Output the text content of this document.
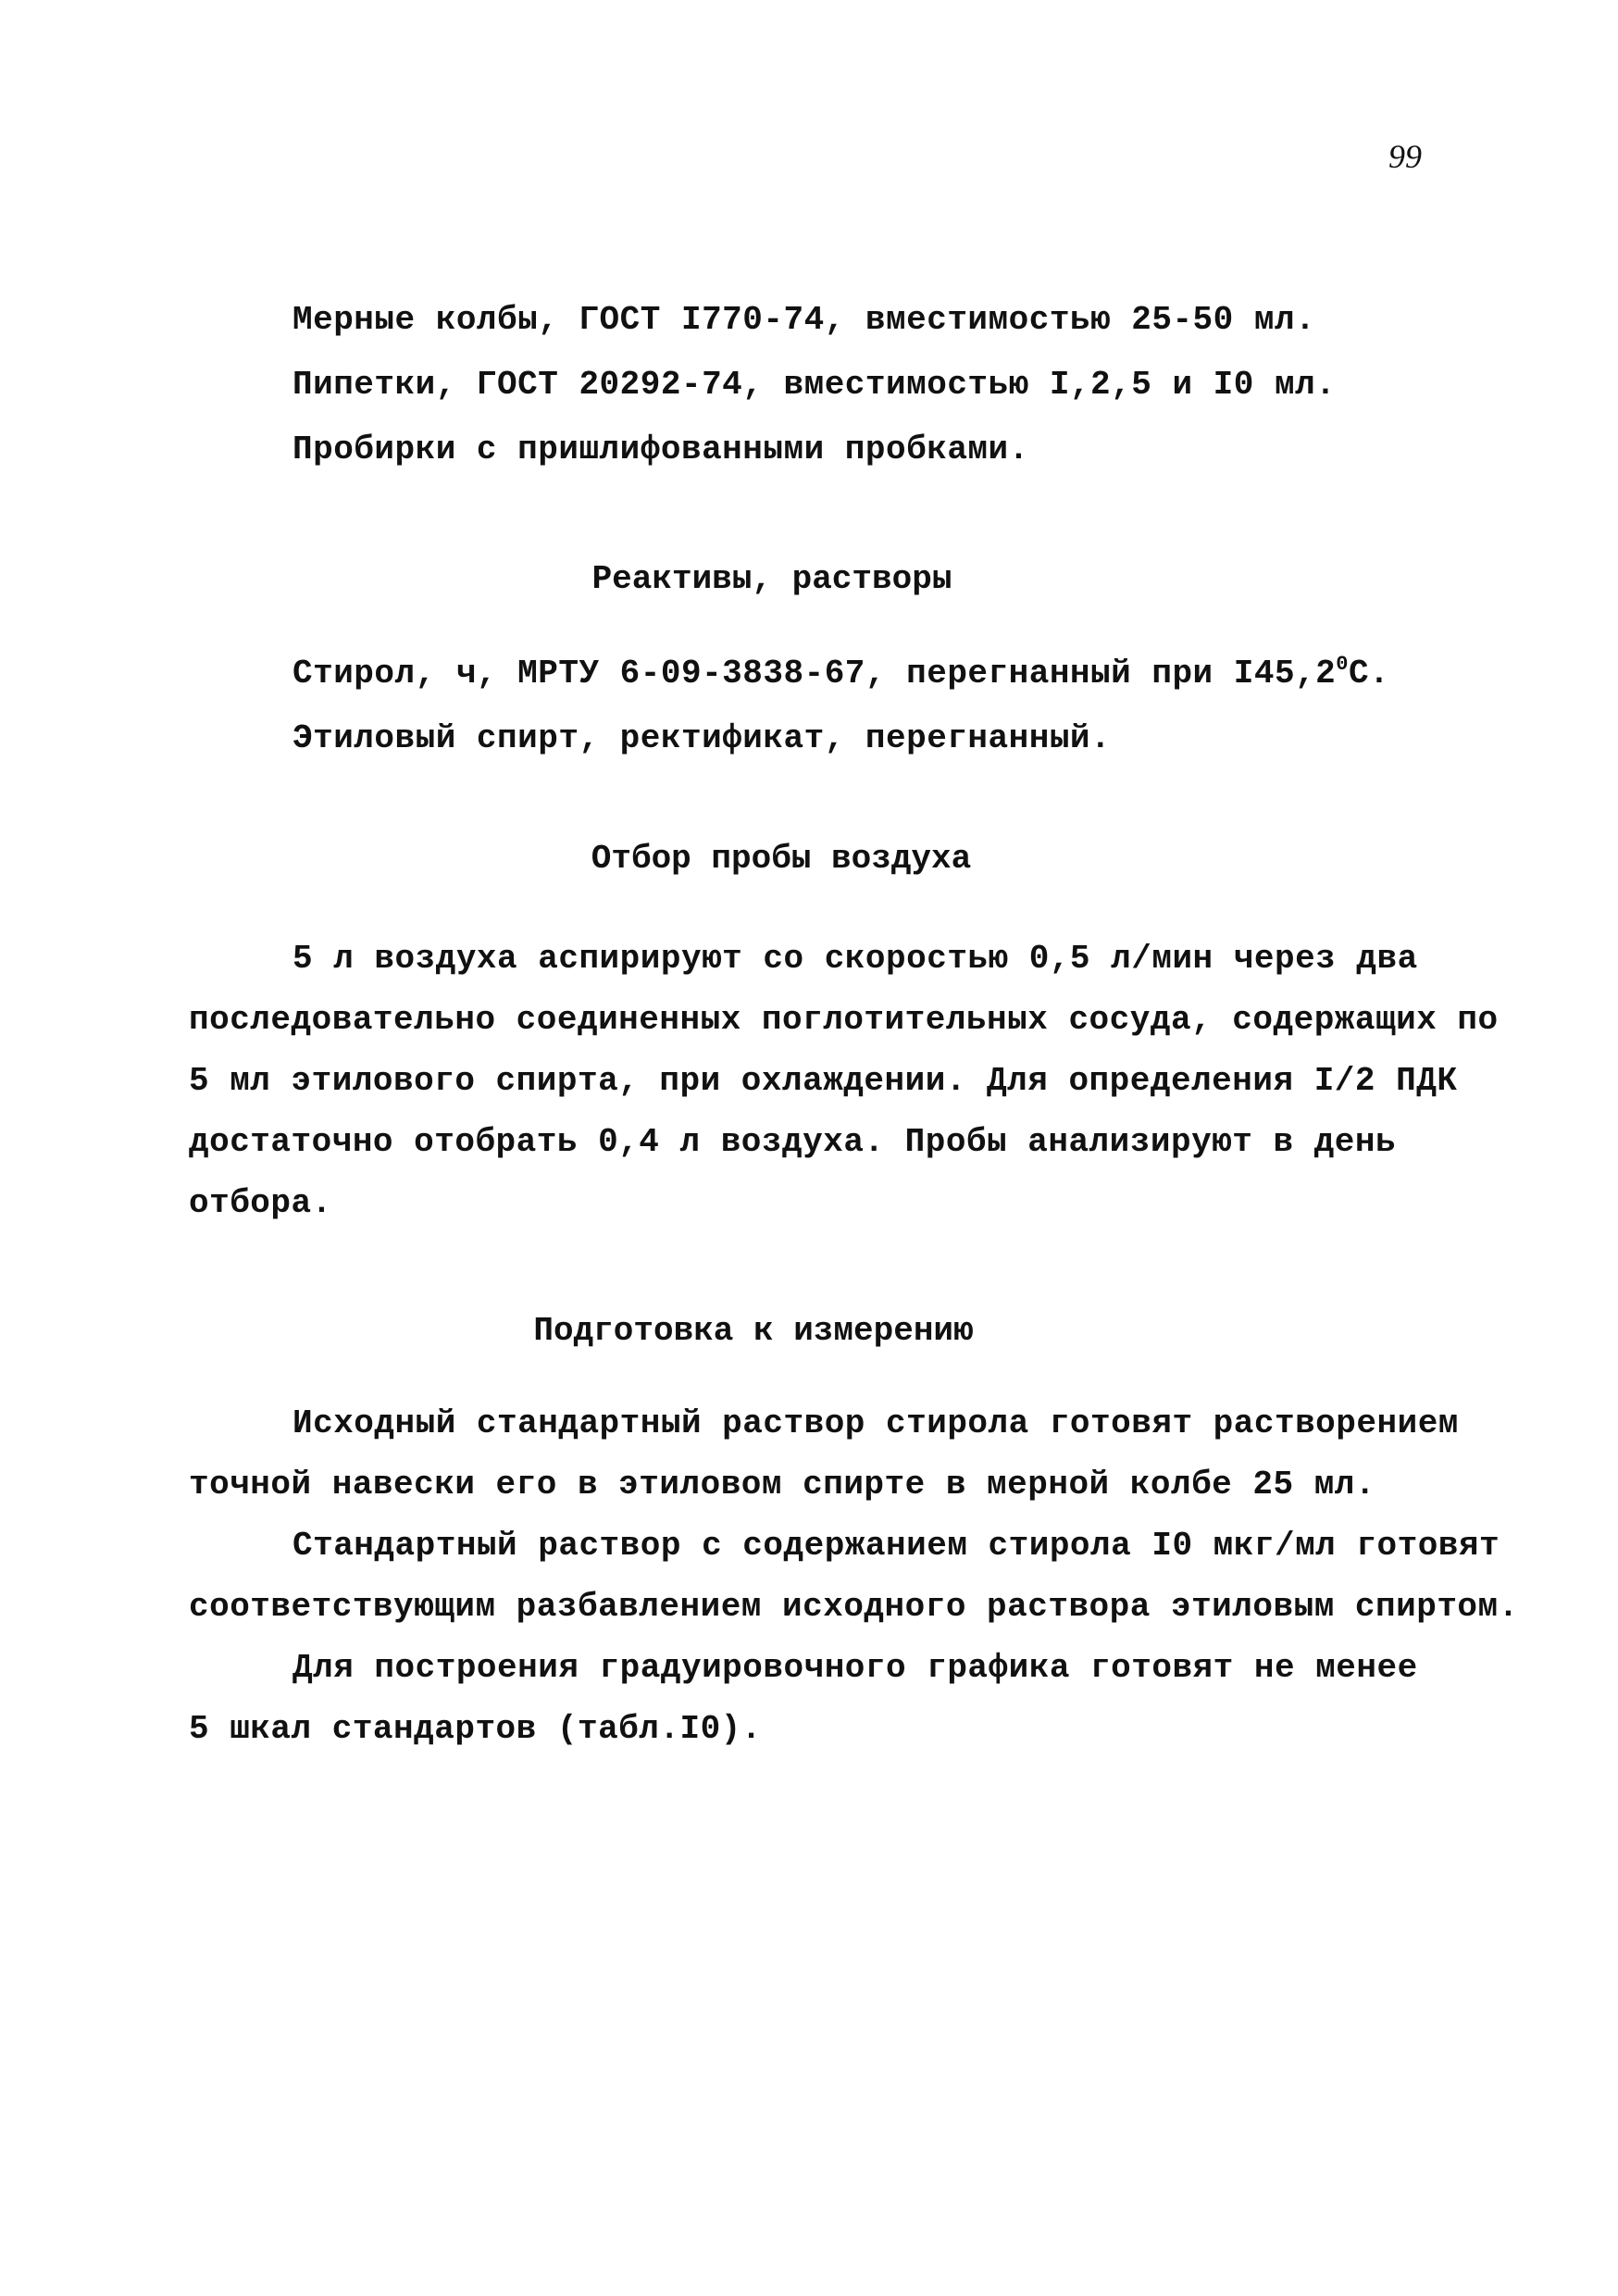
99
Мерные колбы, ГОСТ I770-74, вместимостью 25-50 мл.
Пипетки, ГОСТ 20292-74, вместимостью I,2,5 и I0 мл.
Пробирки с пришлифованными пробками.
Реактивы, растворы
Стирол, ч, МРТУ 6-09-3838-67, перегнанный при I45,2$^0$С.
Этиловый спирт, ректификат, перегнанный.
Отбор пробы воздуха
5 л воздуха аспирируют со скоростью 0,5 л/мин через два
последовательно соединенных поглотительных сосуда, содержащих по
5 мл этилового спирта, при охлаждении. Для определения I/2 ПДК
достаточно отобрать 0,4 л воздуха. Пробы анализируют в день
отбора.
Подготовка к измерению
Исходный стандартный раствор стирола готовят растворением
точной навески его в этиловом спирте в мерной колбе 25 мл.
Стандартный раствор с содержанием стирола I0 мкг/мл готовят
соответствующим разбавлением исходного раствора этиловым спиртом.
Для построения градуировочного графика готовят не менее
5 шкал стандартов (табл.I0).
